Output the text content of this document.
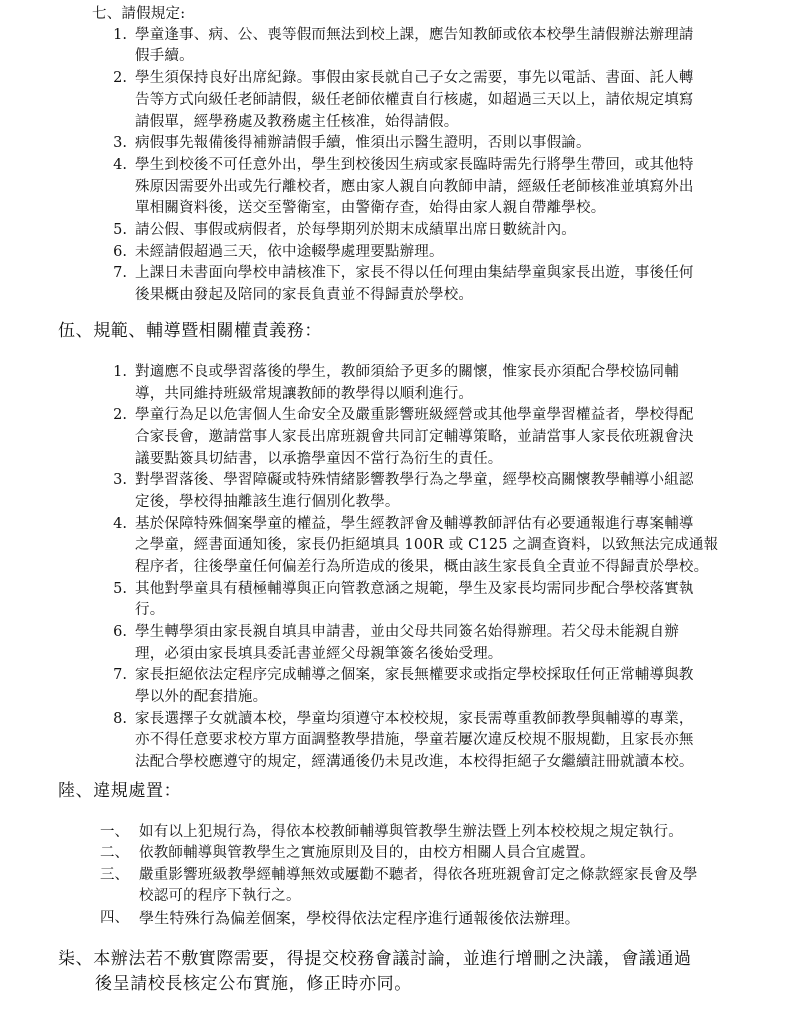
七、請假規定:
1. 學童逢事、病、公、喪等假而無法到校上課，應告知教師或依本校學生請假辦法辦理請
假手續。
2. 學生須保持良好出席紀錄。事假由家長就自己子女之需要，事先以電話、書面、託人轉
告等方式向級任老師請假，級任老師依權責自行核處，如超過三天以上，請依規定填寫
請假單，經學務處及教務處主任核准，始得請假。
3. 病假事先報備後得補辦請假手續，惟須出示醫生證明，否則以事假論。
4. 學生到校後不可任意外出，學生到校後因生病或家長臨時需先行將學生帶回，或其他特
殊原因需要外出或先行離校者，應由家人親自向教師申請，經級任老師核准並填寫外出
單相關資料後，送交至警衛室，由警衛存查，始得由家人親自帶離學校。
5. 請公假、事假或病假者，於每學期列於期末成績單出席日數統計內。
6. 未經請假超過三天，依中途輟學處理要點辦理。
7. 上課日未書面向學校申請核准下，家長不得以任何理由集結學童與家長出遊，事後任何
後果概由發起及陪同的家長負責並不得歸責於學校。
伍、規範、輔導暨相關權責義務：
1. 對適應不良或學習落後的學生，教師須給予更多的關懷，惟家長亦須配合學校協同輔
導，共同維持班級常規讓教師的教學得以順利進行。
2. 學童行為足以危害個人生命安全及嚴重影響班級經營或其他學童學習權益者，學校得配
合家長會，邀請當事人家長出席班親會共同訂定輔導策略，並請當事人家長依班親會決
議要點簽具切結書，以承擔學童因不當行為衍生的責任。
3. 對學習落後、學習障礙或特殊情緒影響教學行為之學童，經學校高關懷教學輔導小組認
定後，學校得抽離該生進行個別化教學。
4. 基於保障特殊個案學童的權益，學生經教評會及輔導教師評估有必要通報進行專案輔導
之學童，經書面通知後，家長仍拒絕填具 100R 或 C125 之調查資料，以致無法完成通報
程序者，往後學童任何偏差行為所造成的後果，概由該生家長負全責並不得歸責於學校。
5. 其他對學童具有積極輔導與正向管教意涵之規範，學生及家長均需同步配合學校落實執
行。
6. 學生轉學須由家長親自填具申請書，並由父母共同簽名始得辦理。若父母未能親自辦
理，必須由家長填具委託書並經父母親筆簽名後始受理。
7. 家長拒絕依法定程序完成輔導之個案，家長無權要求或指定學校採取任何正常輔導與教
學以外的配套措施。
8. 家長選擇子女就讀本校，學童均須遵守本校校規，家長需尊重教師教學與輔導的專業，
亦不得任意要求校方單方面調整教學措施，學童若屢次違反校規不服規勸，且家長亦無
法配合學校應遵守的規定，經溝通後仍未見改進，本校得拒絕子女繼續註冊就讀本校。
陸、違規處置：
一、 如有以上犯規行為，得依本校教師輔導與管教學生辦法暨上列本校校規之規定執行。
二、 依教師輔導與管教學生之實施原則及目的，由校方相關人員合宜處置。
三、 嚴重影響班級教學經輔導無效或屢勸不聽者，得依各班班親會訂定之條款經家長會及學
校認可的程序下執行之。
四、 學生特殊行為偏差個案，學校得依法定程序進行通報後依法辦理。
柒、本辦法若不敷實際需要，得提交校務會議討論，並進行增刪之決議，會議通過
後呈請校長核定公布實施，修正時亦同。
